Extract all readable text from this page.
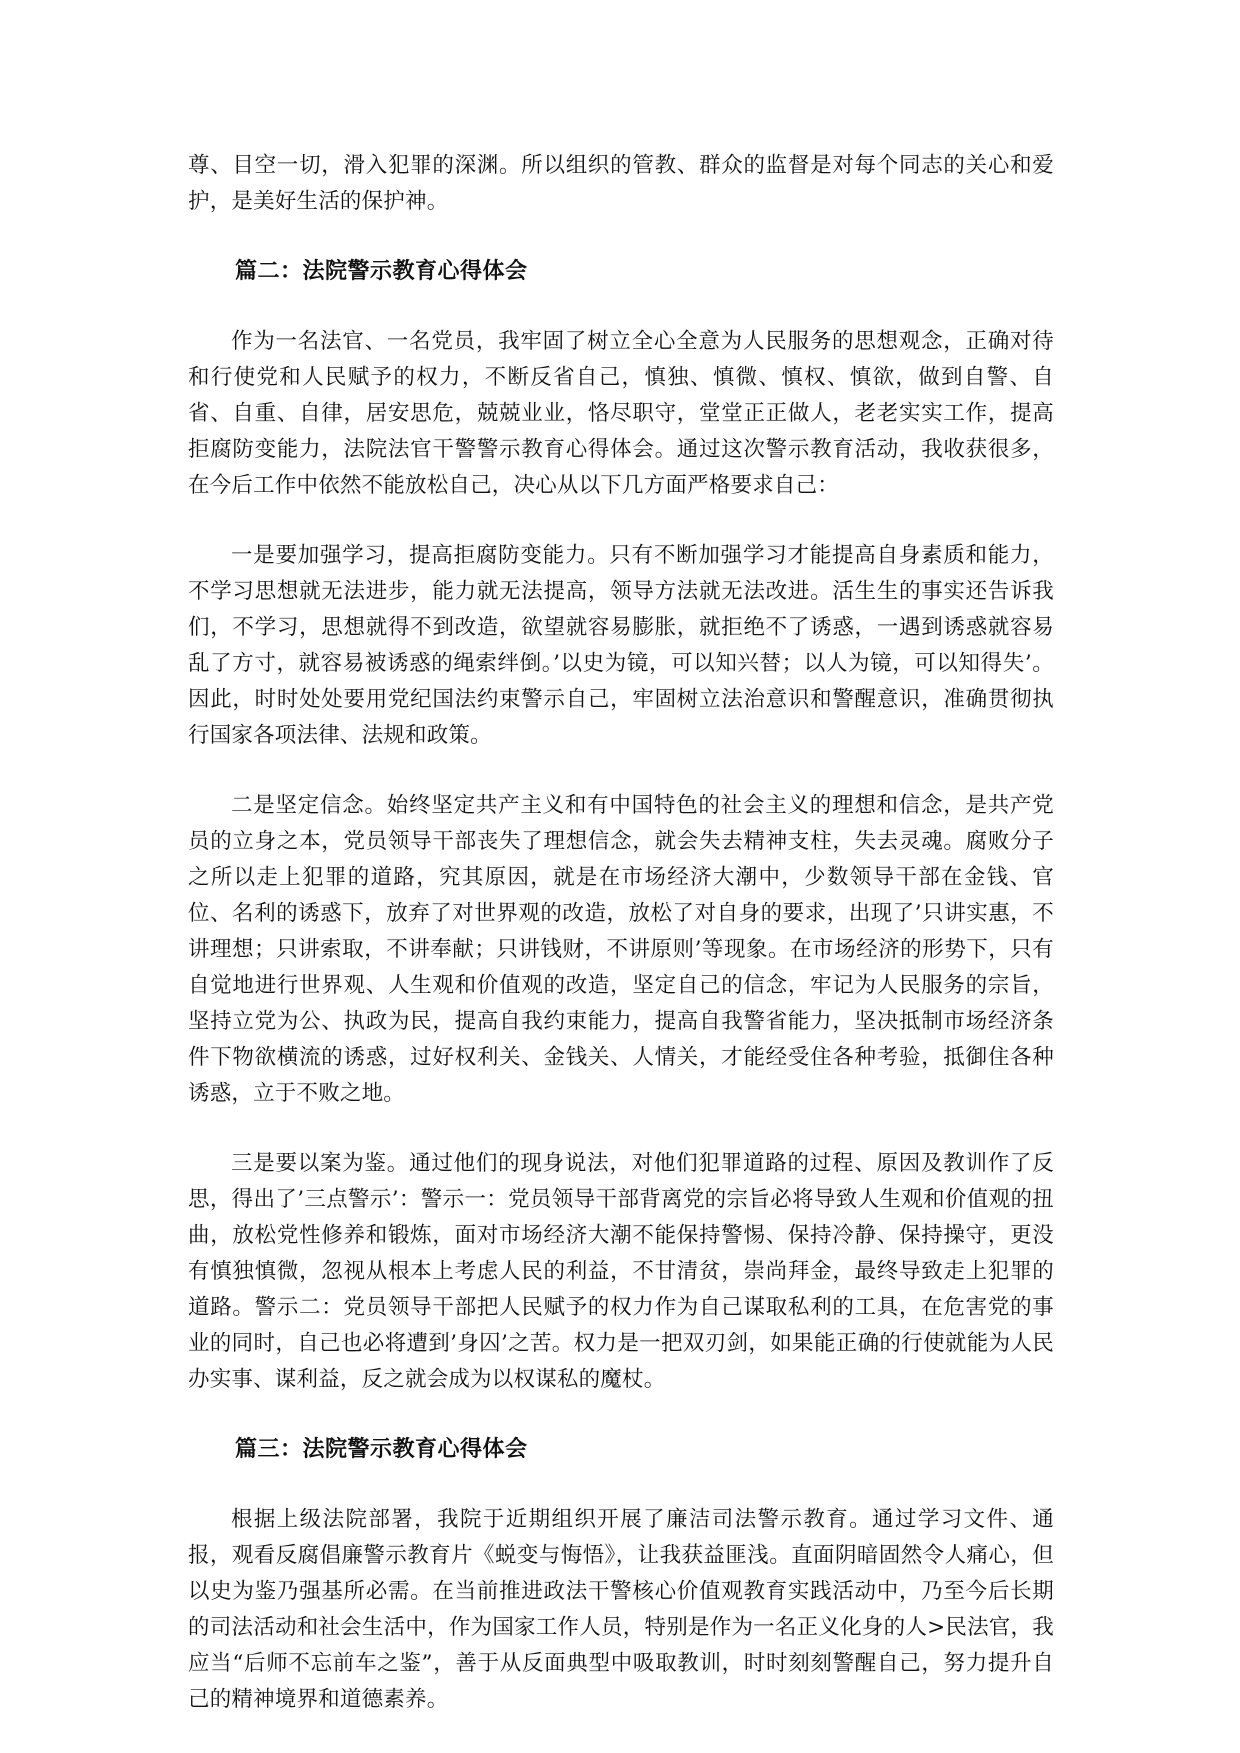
尊、目空一切，滑入犯罪的深渊。所以组织的管教、群众的监督是对每个同志的关心和爱护，是美好生活的保护神。

篇二：法院警示教育心得体会

作为一名法官、一名党员，我牢固了树立全心全意为人民服务的思想观念，正确对待和行使党和人民赋予的权力，不断反省自己，慎独、慎微、慎权、慎欲，做到自警、自省、自重、自律，居安思危，兢兢业业，恪尽职守，堂堂正正做人，老老实实工作，提高拒腐防变能力，法院法官干警警示教育心得体会。通过这次警示教育活动，我收获很多，在今后工作中依然不能放松自己，决心从以下几方面严格要求自己：

一是要加强学习，提高拒腐防变能力。只有不断加强学习才能提高自身素质和能力，不学习思想就无法进步，能力就无法提高，领导方法就无法改进。活生生的事实还告诉我们，不学习，思想就得不到改造，欲望就容易膨胀，就拒绝不了诱惑，一遇到诱惑就容易乱了方寸，就容易被诱惑的绳索绊倒。’以史为镜，可以知兴替；以人为镜，可以知得失’。因此，时时处处要用党纪国法约束警示自己，牢固树立法治意识和警醒意识，准确贯彻执行国家各项法律、法规和政策。

二是坚定信念。始终坚定共产主义和有中国特色的社会主义的理想和信念，是共产党员的立身之本，党员领导干部丧失了理想信念，就会失去精神支柱，失去灵魂。腐败分子之所以走上犯罪的道路，究其原因，就是在市场经济大潮中，少数领导干部在金钱、官位、名利的诱惑下，放弃了对世界观的改造，放松了对自身的要求，出现了’只讲实惠，不讲理想；只讲索取，不讲奉献；只讲钱财，不讲原则’等现象。在市场经济的形势下，只有自觉地进行世界观、人生观和价值观的改造，坚定自己的信念，牢记为人民服务的宗旨，坚持立党为公、执政为民，提高自我约束能力，提高自我警省能力，坚决抵制市场经济条件下物欲横流的诱惑，过好权利关、金钱关、人情关，才能经受住各种考验，抵御住各种诱惑，立于不败之地。

三是要以案为鉴。通过他们的现身说法，对他们犯罪道路的过程、原因及教训作了反思，得出了’三点警示’：警示一：党员领导干部背离党的宗旨必将导致人生观和价值观的扭曲，放松党性修养和锻炼，面对市场经济大潮不能保持警惕、保持冷静、保持操守，更没有慎独慎微，忽视从根本上考虑人民的利益，不甘清贫，崇尚拜金，最终导致走上犯罪的道路。警示二：党员领导干部把人民赋予的权力作为自己谋取私利的工具，在危害党的事业的同时，自己也必将遭到’身囚’之苦。权力是一把双刃剑，如果能正确的行使就能为人民办实事、谋利益，反之就会成为以权谋私的魔杖。

篇三：法院警示教育心得体会

根据上级法院部署，我院于近期组织开展了廉洁司法警示教育。通过学习文件、通报，观看反腐倡廉警示教育片《蜕变与悔悟》，让我获益匪浅。直面阴暗固然令人痛心，但以史为鉴乃强基所必需。在当前推进政法干警核心价值观教育实践活动中，乃至今后长期的司法活动和社会生活中，作为国家工作人员，特别是作为一名正义化身的人>民法官，我应当“后师不忘前车之鉴”，善于从反面典型中吸取教训，时时刻刻警醒自己，努力提升自己的精神境界和道德素养。
